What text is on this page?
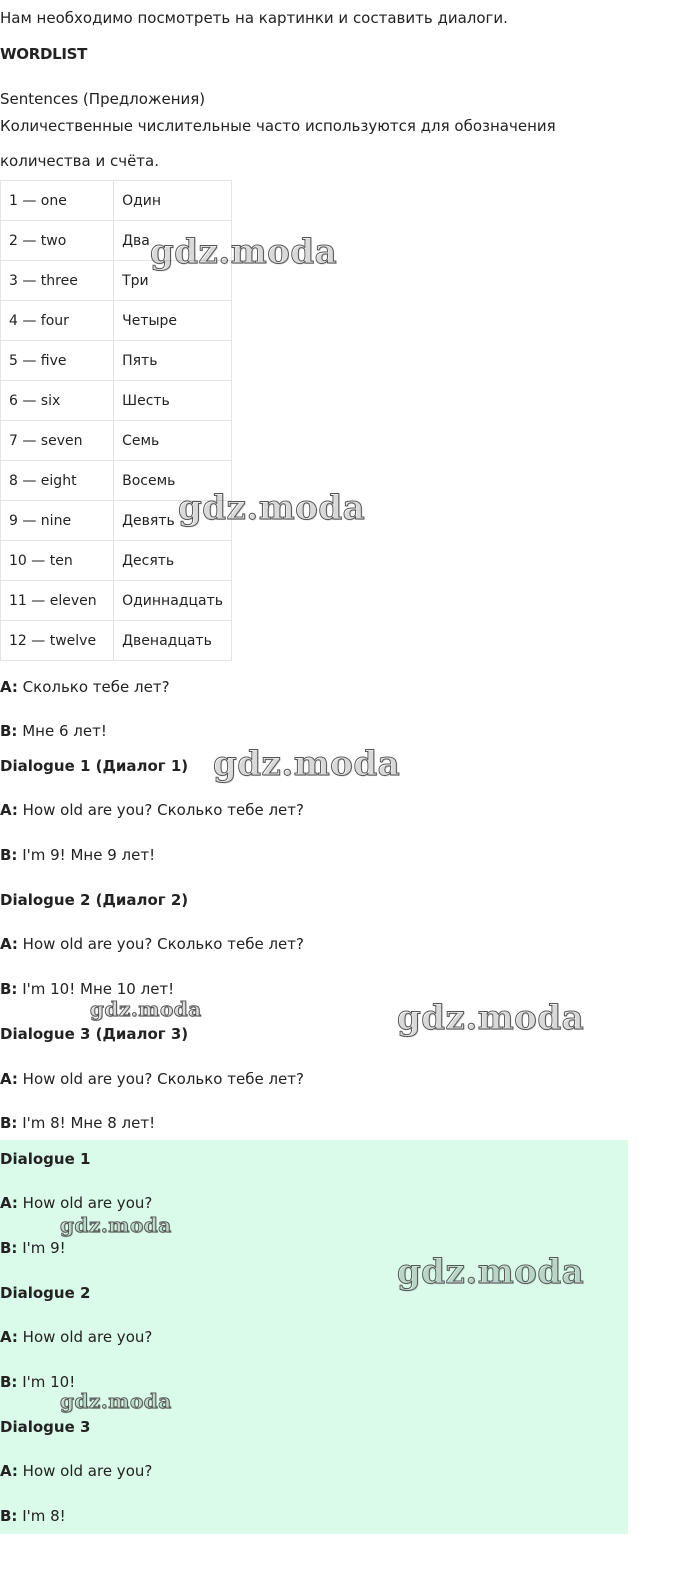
Нам необходимо посмотреть на картинки и составить диалоги.
WORDLIST
Sentences (Предложения)
Количественные числительные часто используются для обозначения
количества и счёта.
1 — one	Один
2 — two	Два
3 — three	Три
4 — four	Четыре
5 — five	Пять
6 — six	Шесть
7 — seven	Семь
8 — eight	Восемь
9 — nine	Девять
10 — ten	Десять
11 — eleven	Одиннадцать
12 — twelve	Двенадцать
A: Сколько тебе лет?
B: Мне 6 лет!
Dialogue 1 (Диалог 1)
A: How old are you? Сколько тебе лет?
B: I'm 9! Мне 9 лет!
Dialogue 2 (Диалог 2)
A: How old are you? Сколько тебе лет?
B: I'm 10! Мне 10 лет!
Dialogue 3 (Диалог 3)
A: How old are you? Сколько тебе лет?
B: I'm 8! Мне 8 лет!
Dialogue 1
A: How old are you?
B: I'm 9!
Dialogue 2
A: How old are you?
B: I'm 10!
Dialogue 3
A: How old are you?
B: I'm 8!
gdz.moda
gdz.moda
gdz.moda
gdz.moda	gdz.moda
